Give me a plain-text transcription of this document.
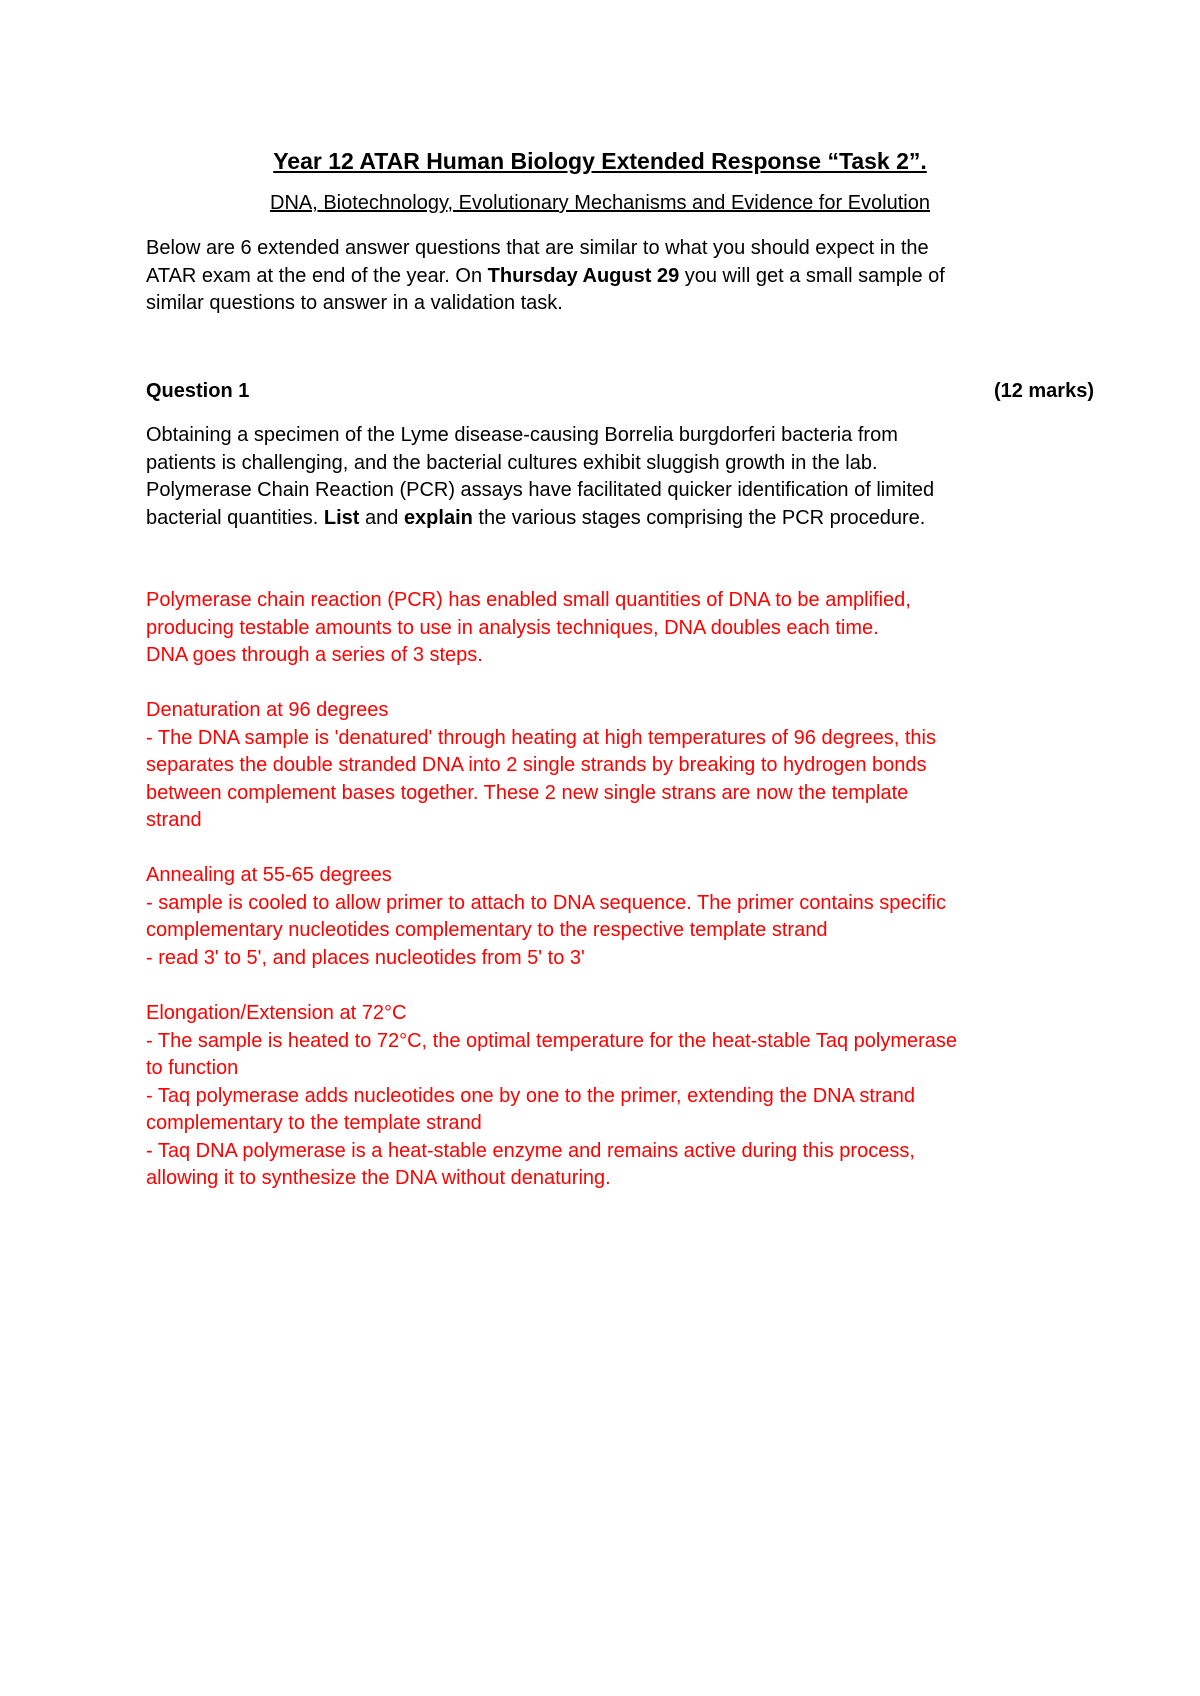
Year 12 ATAR Human Biology Extended Response “Task 2”.
DNA, Biotechnology, Evolutionary Mechanisms and Evidence for Evolution
Below are 6 extended answer questions that are similar to what you should expect in the
ATAR exam at the end of the year. On Thursday August 29 you will get a small sample of
similar questions to answer in a validation task.
Question 1	(12 marks)
Obtaining a specimen of the Lyme disease-causing Borrelia burgdorferi bacteria from
patients is challenging, and the bacterial cultures exhibit sluggish growth in the lab.
Polymerase Chain Reaction (PCR) assays have facilitated quicker identification of limited
bacterial quantities. List and explain the various stages comprising the PCR procedure.
Polymerase chain reaction (PCR) has enabled small quantities of DNA to be amplified,
producing testable amounts to use in analysis techniques, DNA doubles each time.
DNA goes through a series of 3 steps.
Denaturation at 96 degrees
- The DNA sample is 'denatured' through heating at high temperatures of 96 degrees, this
separates the double stranded DNA into 2 single strands by breaking to hydrogen bonds
between complement bases together. These 2 new single strans are now the template
strand
Annealing at 55-65 degrees
- sample is cooled to allow primer to attach to DNA sequence. The primer contains specific
complementary nucleotides complementary to the respective template strand
- read 3' to 5', and places nucleotides from 5' to 3'
Elongation/Extension at 72°C
- The sample is heated to 72°C, the optimal temperature for the heat-stable Taq polymerase
to function
- Taq polymerase adds nucleotides one by one to the primer, extending the DNA strand
complementary to the template strand
- Taq DNA polymerase is a heat-stable enzyme and remains active during this process,
allowing it to synthesize the DNA without denaturing.
